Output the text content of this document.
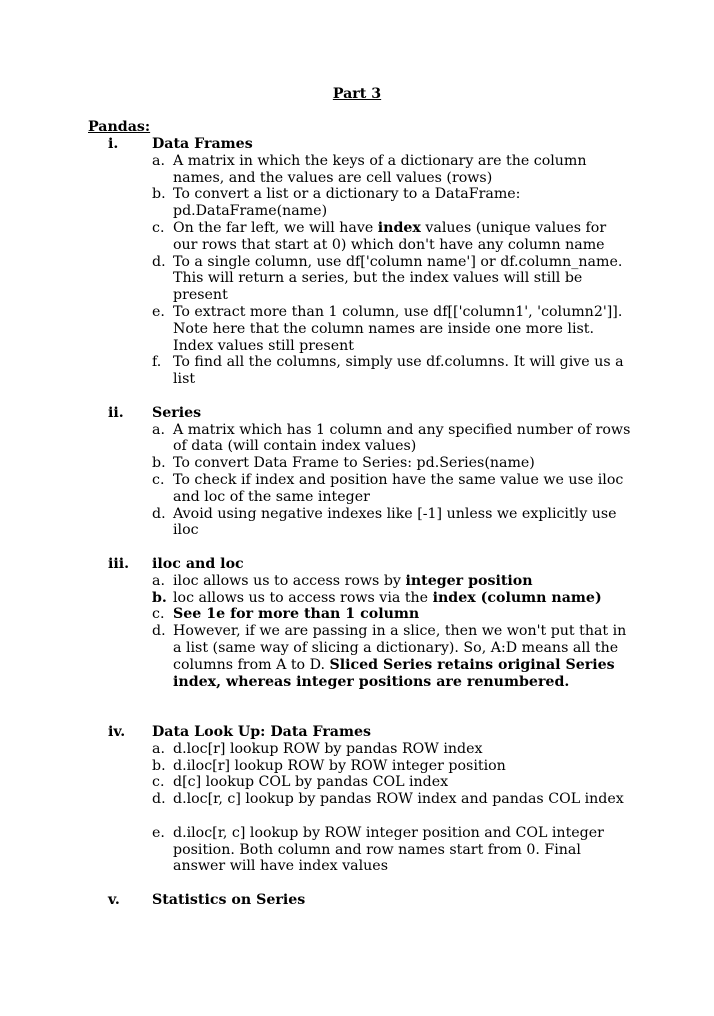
Part 3
Pandas:
i. Data Frames
a. A matrix in which the keys of a dictionary are the column names, and the values are cell values (rows)
b. To convert a list or a dictionary to a DataFrame: pd.DataFrame(name)
c. On the far left, we will have index values (unique values for our rows that start at 0) which don't have any column name
d. To a single column, use df['column name'] or df.column_name. This will return a series, but the index values will still be present
e. To extract more than 1 column, use df[['column1', 'column2']]. Note here that the column names are inside one more list. Index values still present
f. To find all the columns, simply use df.columns. It will give us a list
ii. Series
a. A matrix which has 1 column and any specified number of rows of data (will contain index values)
b. To convert Data Frame to Series: pd.Series(name)
c. To check if index and position have the same value we use iloc and loc of the same integer
d. Avoid using negative indexes like [-1] unless we explicitly use iloc
iii. iloc and loc
a. iloc allows us to access rows by integer position
b. loc allows us to access rows via the index (column name)
c. See 1e for more than 1 column
d. However, if we are passing in a slice, then we won't put that in a list (same way of slicing a dictionary). So, A:D means all the columns from A to D. Sliced Series retains original Series index, whereas integer positions are renumbered.
iv. Data Look Up: Data Frames
a. d.loc[r] lookup ROW by pandas ROW index
b. d.iloc[r] lookup ROW by ROW integer position
c. d[c] lookup COL by pandas COL index
d. d.loc[r, c] lookup by pandas ROW index and pandas COL index
e. d.iloc[r, c] lookup by ROW integer position and COL integer position. Both column and row names start from 0. Final answer will have index values
v. Statistics on Series
